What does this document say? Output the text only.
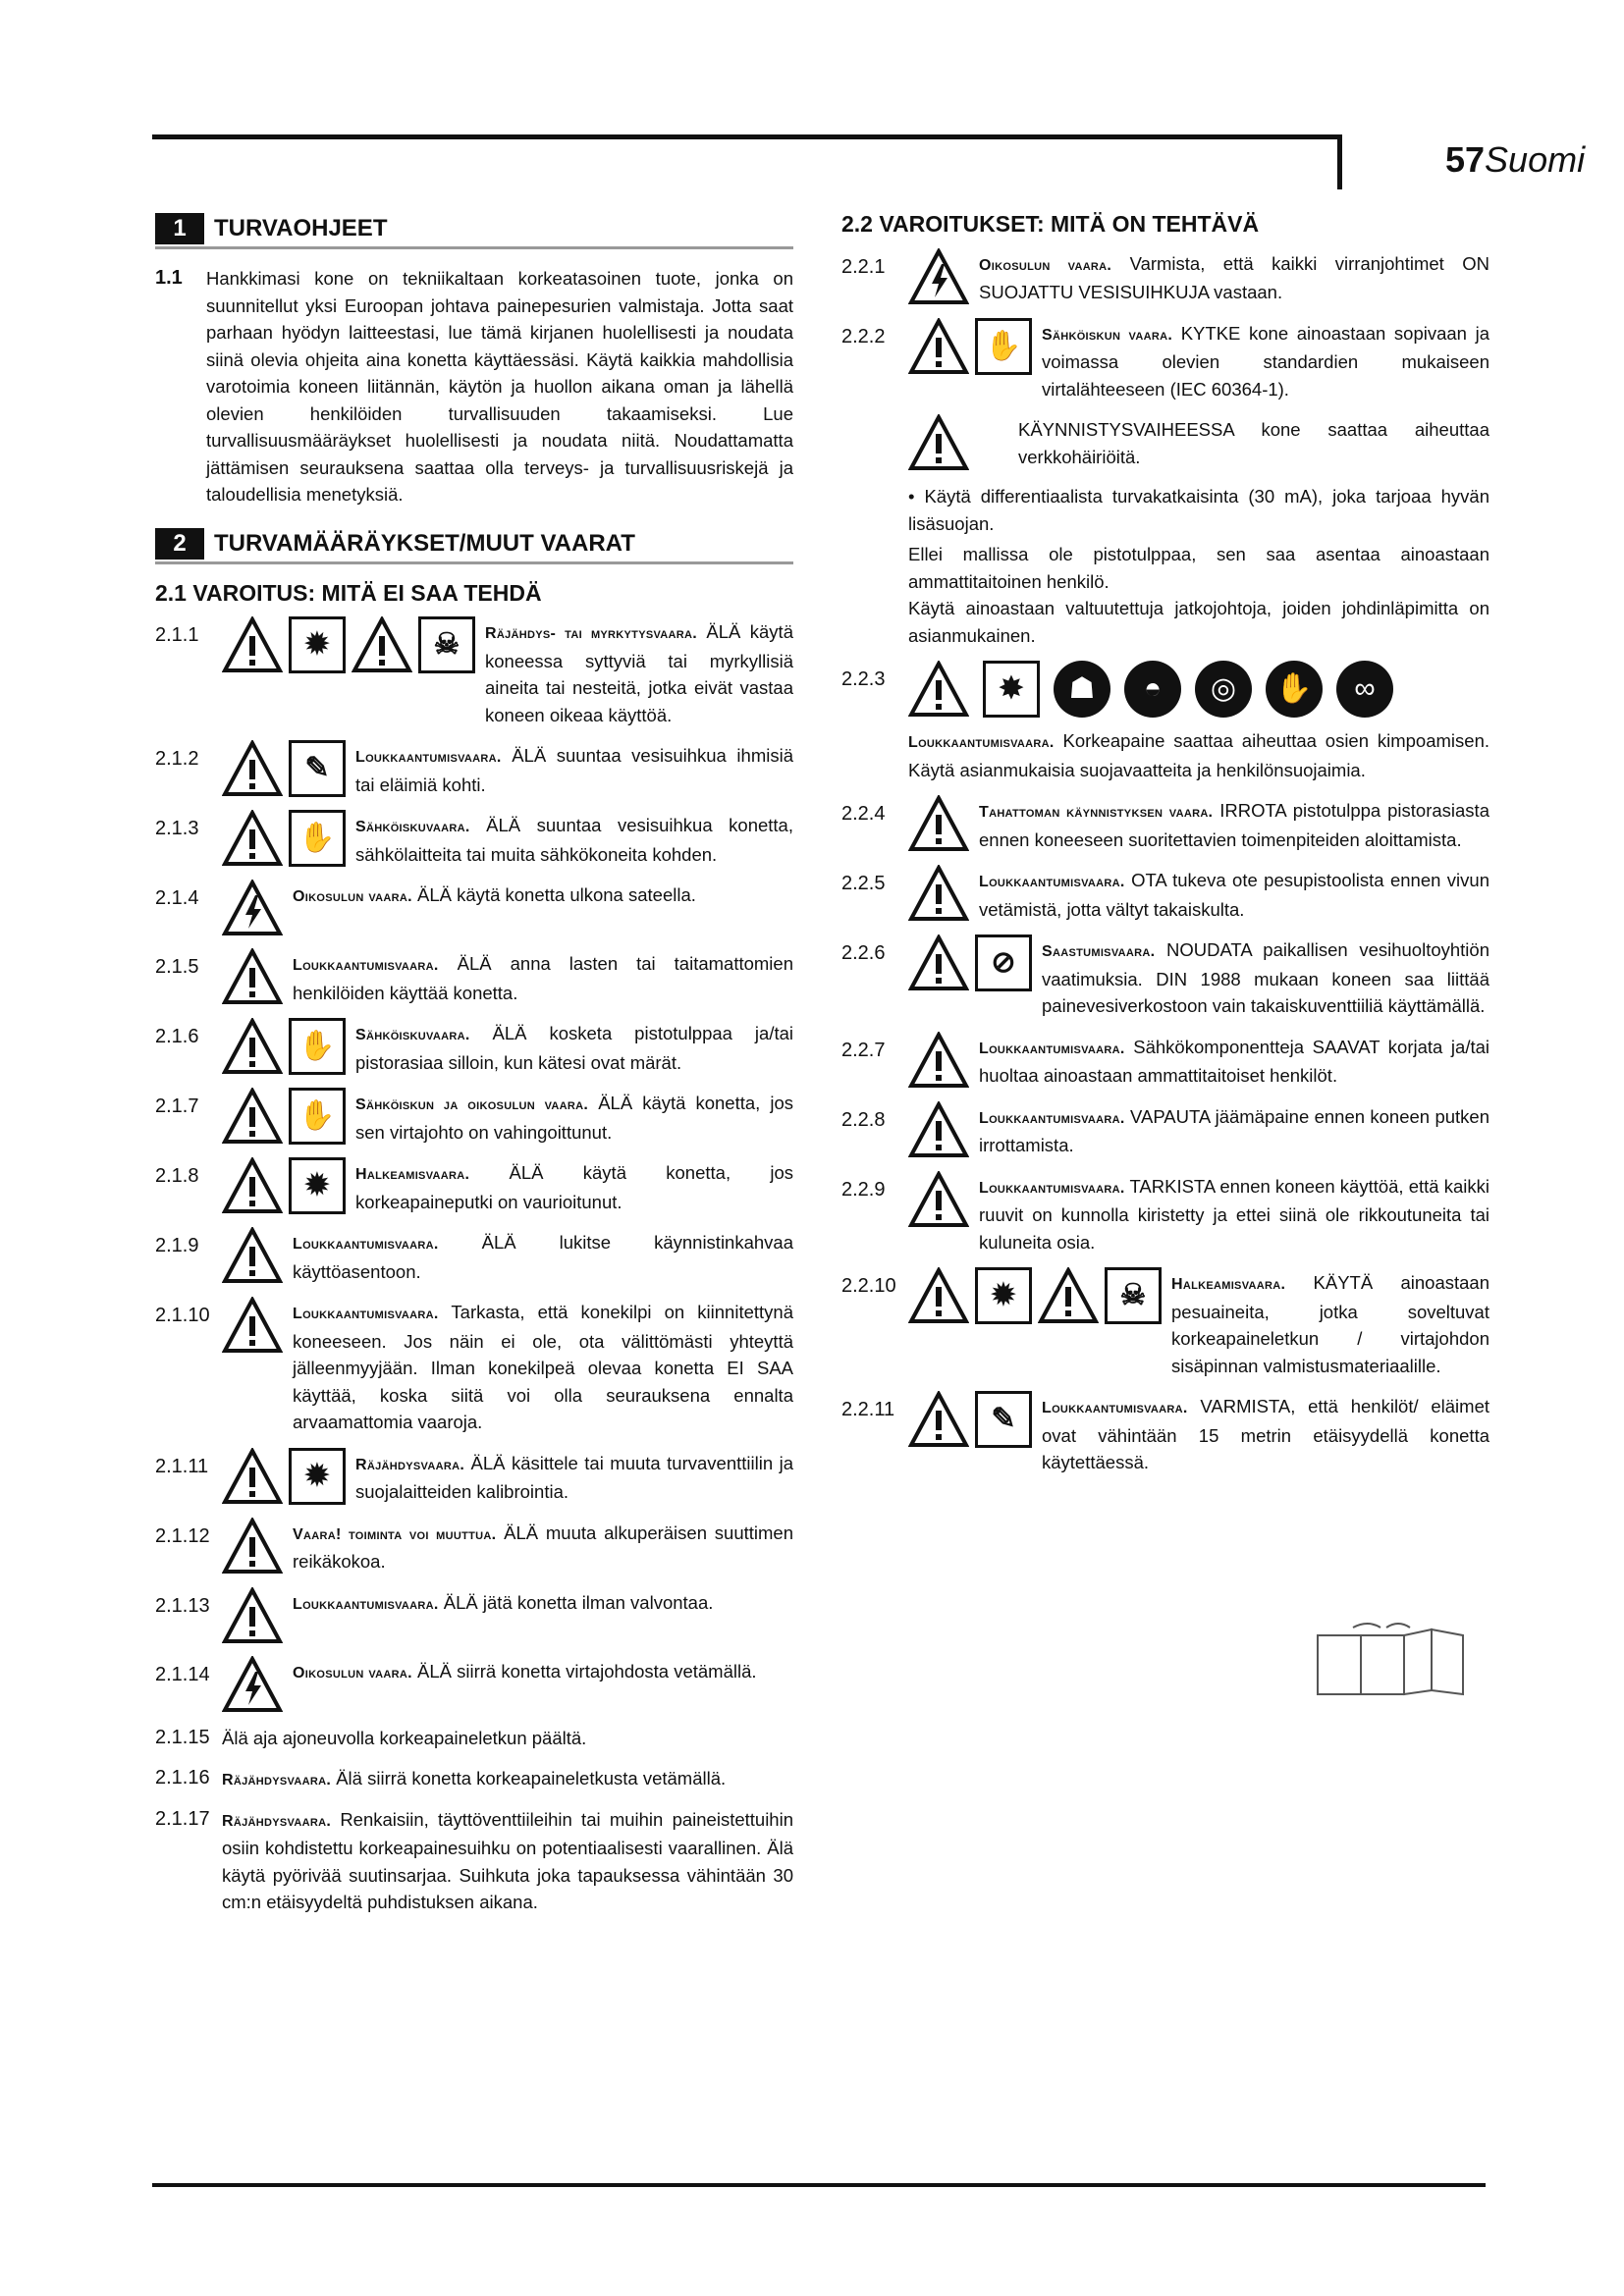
57Suomi
1	TURVAOHJEET
1.1	Hankkimasi kone on tekniikaltaan korkeatasoinen tuote, jonka on suunnitellut yksi Euroopan johtava painepesurien valmistaja. Jotta saat parhaan hyödyn laitteestasi, lue tämä kirjanen huolellisesti ja noudata siinä olevia ohjeita aina konetta käyttäessäsi. Käytä kaikkia mahdollisia varotoimia koneen liitännän, käytön ja huollon aikana oman ja lähellä olevien henkilöiden turvallisuuden takaamiseksi. Lue turvallisuusmääräykset huolellisesti ja noudata niitä. Noudattamatta jättämisen seurauksena saattaa olla terveys- ja turvallisuusriskejä ja taloudellisia menetyksiä.
2	TURVAMÄÄRÄYKSET/MUUT VAARAT
2.1 VAROITUS: MITÄ EI SAA TEHDÄ
2.1.1	✹	☠	Räjähdys- tai myrkytysvaara. ÄLÄ käytä koneessa syttyviä tai myrkyllisiä aineita tai nesteitä, jotka eivät vastaa koneen oikeaa käyttöä.
2.1.2	✎	Loukkaantumisvaara. ÄLÄ suuntaa vesisuihkua ihmisiä tai eläimiä kohti.
2.1.3	✋	Sähköiskuvaara. ÄLÄ suuntaa vesisuihkua konetta, sähkölaitteita tai muita sähkökoneita kohden.
2.1.4	Oikosulun vaara. ÄLÄ käytä konetta ulkona sateella.
2.1.5	Loukkaantumisvaara. ÄLÄ anna lasten tai taitamattomien henkilöiden käyttää konetta.
2.1.6	✋	Sähköiskuvaara. ÄLÄ kosketa pistotulppaa ja/tai pistorasiaa silloin, kun kätesi ovat märät.
2.1.7	✋	Sähköiskun ja oikosulun vaara. ÄLÄ käytä konetta, jos sen virtajohto on vahingoittunut.
2.1.8	✹	Halkeamisvaara. ÄLÄ käytä konetta, jos korkeapaineputki on vaurioitunut.
2.1.9	Loukkaantumisvaara. ÄLÄ lukitse käynnistinkahvaa käyttöasentoon.
2.1.10	Loukkaantumisvaara. Tarkasta, että konekilpi on kiinnitettynä koneeseen. Jos näin ei ole, ota välittömästi yhteyttä jälleenmyyjään. Ilman konekilpeä olevaa konetta EI SAA käyttää, koska siitä voi olla seurauksena ennalta arvaamattomia vaaroja.
2.1.11	✹	Räjähdysvaara. ÄLÄ käsittele tai muuta turvaventtiilin ja suojalaitteiden kalibrointia.
2.1.12	Vaara! toiminta voi muuttua. ÄLÄ muuta alkuperäisen suuttimen reikäkokoa.
2.1.13	Loukkaantumisvaara. ÄLÄ jätä konetta ilman valvontaa.
2.1.14	Oikosulun vaara. ÄLÄ siirrä konetta virtajohdosta vetämällä.
2.1.15 Älä aja ajoneuvolla korkeapaineletkun päältä.
2.1.16 Räjähdysvaara. Älä siirrä konetta korkeapaineletkusta vetämällä.
2.1.17 Räjähdysvaara. Renkaisiin, täyttöventtiileihin tai muihin paineistettuihin osiin kohdistettu korkeapainesuihku on potentiaalisesti vaarallinen. Älä käytä pyörivää suutinsarjaa. Suihkuta joka tapauksessa vähintään 30 cm:n etäisyydeltä puhdistuksen aikana.
2.2 VAROITUKSET: MITÄ ON TEHTÄVÄ
2.2.1	Oikosulun vaara. Varmista, että kaikki virranjohtimet ON SUOJATTU VESISUIHKUJA vastaan.
2.2.2	✋	Sähköiskun vaara. KYTKE kone ainoastaan sopivaan ja voimassa olevien standardien mukaiseen virtalähteeseen (IEC 60364-1).
KÄYNNISTYSVAIHEESSA kone saattaa aiheuttaa verkkohäiriöitä.
• Käytä differentiaalista turvakatkaisinta (30 mA), joka tarjoaa hyvän lisäsuojan.
Ellei mallissa ole pistotulppaa, sen saa asentaa ainoastaan ammattitaitoinen henkilö.
Käytä ainoastaan valtuutettuja jatkojohtoja, joiden johdinläpimitta on asianmukainen.
2.2.3	✸	☗	◓	◎	✋	∞
Loukkaantumisvaara. Korkeapaine saattaa aiheuttaa osien kimpoamisen. Käytä asianmukaisia suojavaatteita ja henkilönsuojaimia.
2.2.4	Tahattoman käynnistyksen vaara. IRROTA pistotulppa pistorasiasta ennen koneeseen suoritettavien toimenpiteiden aloittamista.
2.2.5	Loukkaantumisvaara. OTA tukeva ote pesupistoolista ennen vivun vetämistä, jotta vältyt takaiskulta.
2.2.6	⊘	Saastumisvaara. NOUDATA paikallisen vesihuoltoyhtiön vaatimuksia. DIN 1988 mukaan koneen saa liittää painevesiverkostoon vain takaiskuventtiiliä käyttämällä.
2.2.7	Loukkaantumisvaara. Sähkökomponentteja SAAVAT korjata ja/tai huoltaa ainoastaan ammattitaitoiset henkilöt.
2.2.8	Loukkaantumisvaara. VAPAUTA jäämäpaine ennen koneen putken irrottamista.
2.2.9	Loukkaantumisvaara. TARKISTA ennen koneen käyttöä, että kaikki ruuvit on kunnolla kiristetty ja ettei siinä ole rikkoutuneita tai kuluneita osia.
2.2.10	✹	☠	Halkeamisvaara. KÄYTÄ ainoastaan pesuaineita, jotka soveltuvat korkeapaineletkun / virtajohdon sisäpinnan valmistusmateriaalille.
2.2.11	✎	Loukkaantumisvaara. VARMISTA, että henkilöt/ eläimet ovat vähintään 15 metrin etäisyydellä konetta käytettäessä.
